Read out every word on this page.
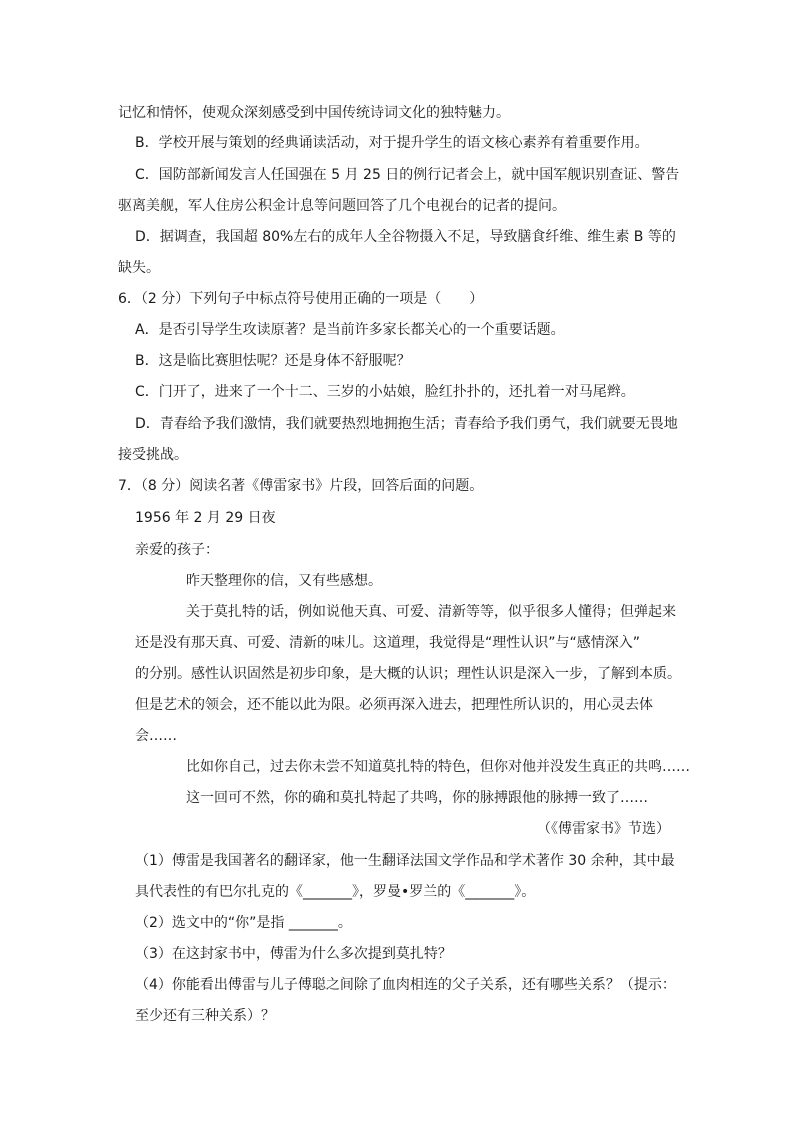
记忆和情怀，使观众深刻感受到中国传统诗词文化的独特魅力。
B．学校开展与策划的经典诵读活动，对于提升学生的语文核心素养有着重要作用。
C．国防部新闻发言人任国强在 5 月 25 日的例行记者会上，就中国军舰识别查证、警告
驱离美舰，军人住房公积金计息等问题回答了几个电视台的记者的提问。
D．据调查，我国超 80%左右的成年人全谷物摄入不足，导致膳食纤维、维生素 B 等的
缺失。
6．（2 分）下列句子中标点符号使用正确的一项是（　　）
A．是否引导学生攻读原著？是当前许多家长都关心的一个重要话题。
B．这是临比赛胆怯呢？还是身体不舒服呢？
C．门开了，进来了一个十二、三岁的小姑娘，脸红扑扑的，还扎着一对马尾辫。
D．青春给予我们激情，我们就要热烈地拥抱生活；青春给予我们勇气，我们就要无畏地
接受挑战。
7．（8 分）阅读名著《傅雷家书》片段，回答后面的问题。
1956 年 2 月 29 日夜
亲爱的孩子：
昨天整理你的信，又有些感想。
关于莫扎特的话，例如说他天真、可爱、清新等等，似乎很多人懂得；但弹起来
还是没有那天真、可爱、清新的味儿。这道理，我觉得是“理性认识”与“感情深入”
的分别。感性认识固然是初步印象，是大概的认识；理性认识是深入一步，了解到本质。
但是艺术的领会，还不能以此为限。必须再深入进去，把理性所认识的，用心灵去体
会……
比如你自己，过去你未尝不知道莫扎特的特色，但你对他并没发生真正的共鸣……
这一回可不然，你的确和莫扎特起了共鸣，你的脉搏跟他的脉搏一致了……
（《傅雷家书》节选）
（1）傅雷是我国著名的翻译家，他一生翻译法国文学作品和学术著作 30 余种，其中最
具代表性的有巴尔扎克的《_______》，罗曼•罗兰的《_______》。
（2）选文中的“你”是指 _______。
（3）在这封家书中，傅雷为什么多次提到莫扎特？
（4）你能看出傅雷与儿子傅聪之间除了血肉相连的父子关系，还有哪些关系？（提示：
至少还有三种关系）？
